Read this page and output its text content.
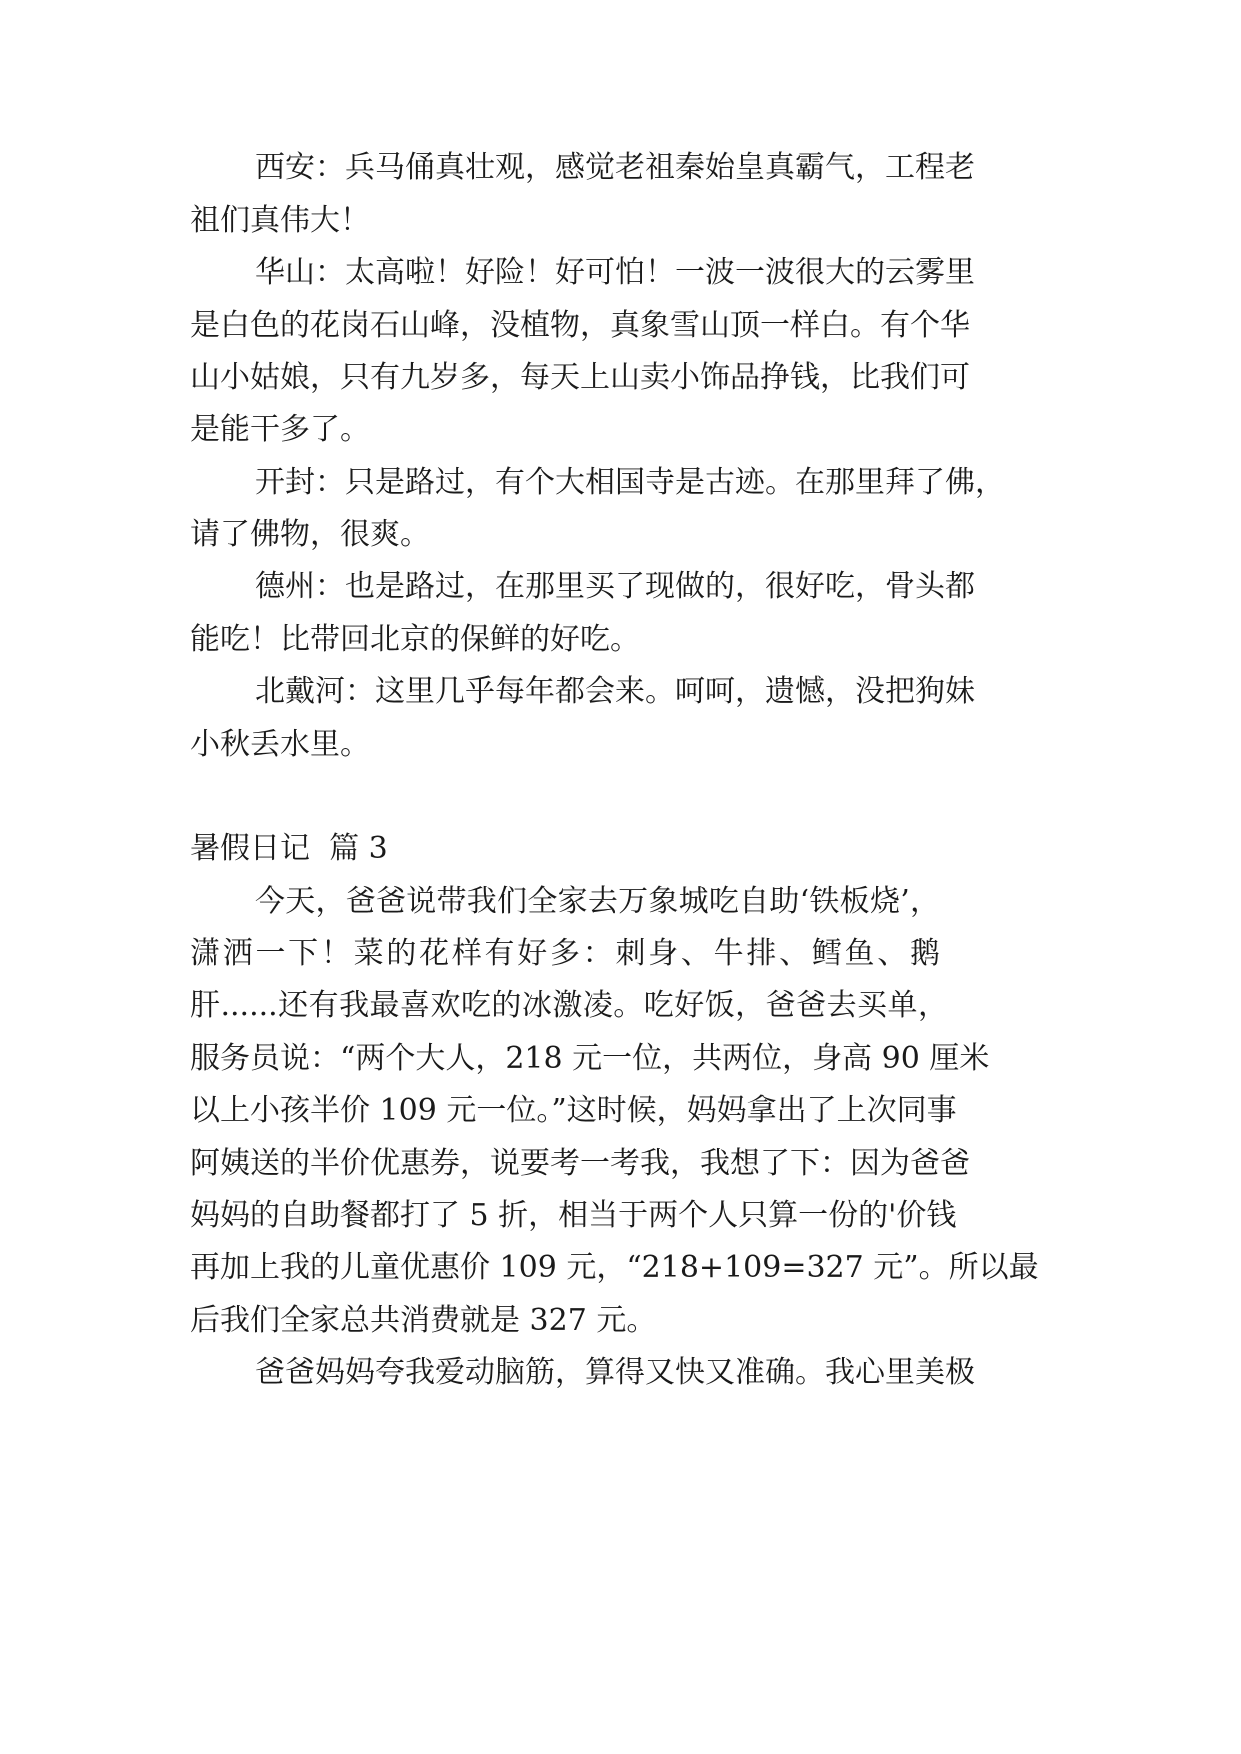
西安：兵马俑真壮观，感觉老祖秦始皇真霸气，工程老
祖们真伟大！
华山：太高啦！好险！好可怕！一波一波很大的云雾里
是白色的花岗石山峰，没植物，真象雪山顶一样白。有个华
山小姑娘，只有九岁多，每天上山卖小饰品挣钱，比我们可
是能干多了。
开封：只是路过，有个大相国寺是古迹。在那里拜了佛，
请了佛物，很爽。
德州：也是路过，在那里买了现做的，很好吃，骨头都
能吃！比带回北京的保鲜的好吃。
北戴河：这里几乎每年都会来。呵呵，遗憾，没把狗妹
小秋丢水里。
暑假日记  篇 3
今天，爸爸说带我们全家去万象城吃自助‘铁板烧’，
潇洒一下！菜的花样有好多：刺身、牛排、鳕鱼、鹅
肝......还有我最喜欢吃的冰激凌。吃好饭，爸爸去买单，
服务员说：“两个大人，218 元一位，共两位，身高 90 厘米
以上小孩半价 109 元一位。”这时候，妈妈拿出了上次同事
阿姨送的半价优惠券，说要考一考我，我想了下：因为爸爸
妈妈的自助餐都打了 5 折，相当于两个人只算一份的'价钱
再加上我的儿童优惠价 109 元，“218+109=327 元”。所以最
后我们全家总共消费就是 327 元。
爸爸妈妈夸我爱动脑筋，算得又快又准确。我心里美极
